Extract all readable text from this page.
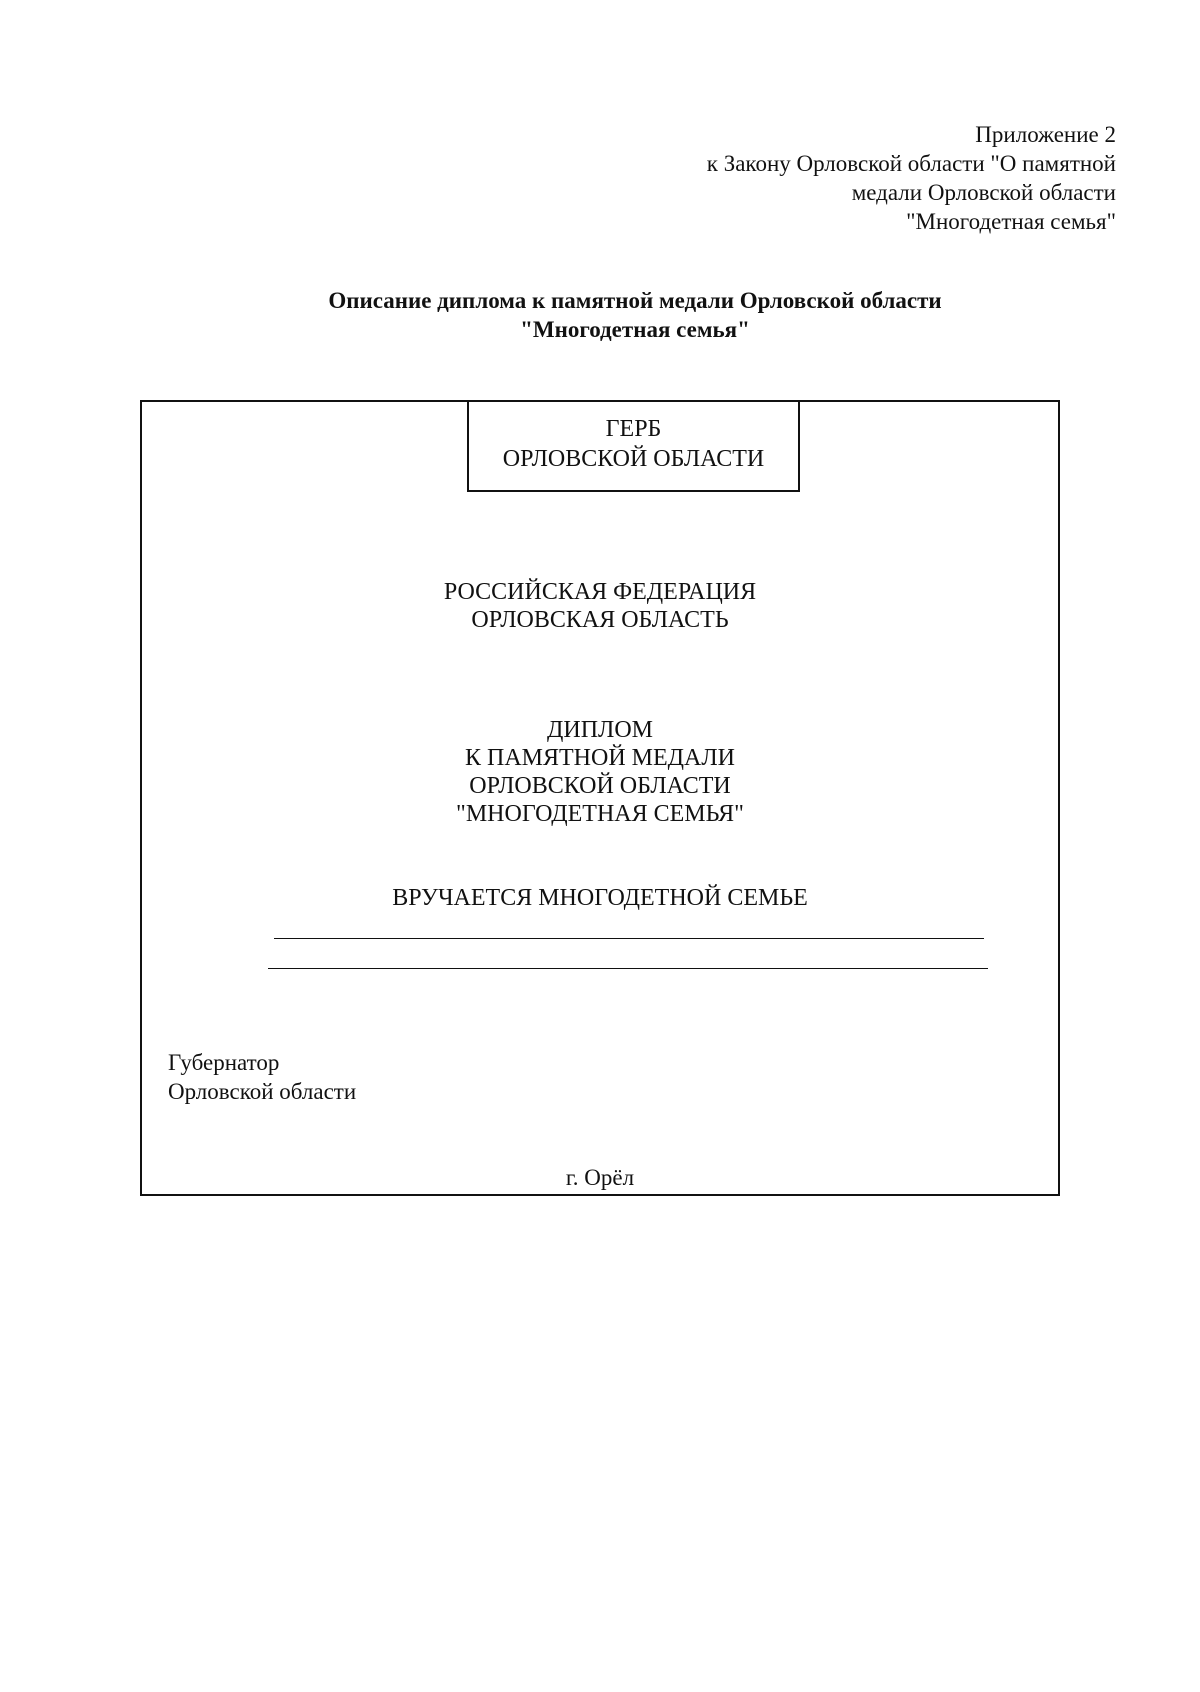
Приложение 2
к Закону Орловской области "О памятной
медали Орловской области
"Многодетная семья"
Описание диплома к памятной медали Орловской области
"Многодетная семья"
ГЕРБ
ОРЛОВСКОЙ ОБЛАСТИ
РОССИЙСКАЯ ФЕДЕРАЦИЯ
ОРЛОВСКАЯ ОБЛАСТЬ
ДИПЛОМ
К ПАМЯТНОЙ МЕДАЛИ
ОРЛОВСКОЙ ОБЛАСТИ
"МНОГОДЕТНАЯ СЕМЬЯ"
ВРУЧАЕТСЯ МНОГОДЕТНОЙ СЕМЬЕ
Губернатор
Орловской области
г. Орёл
